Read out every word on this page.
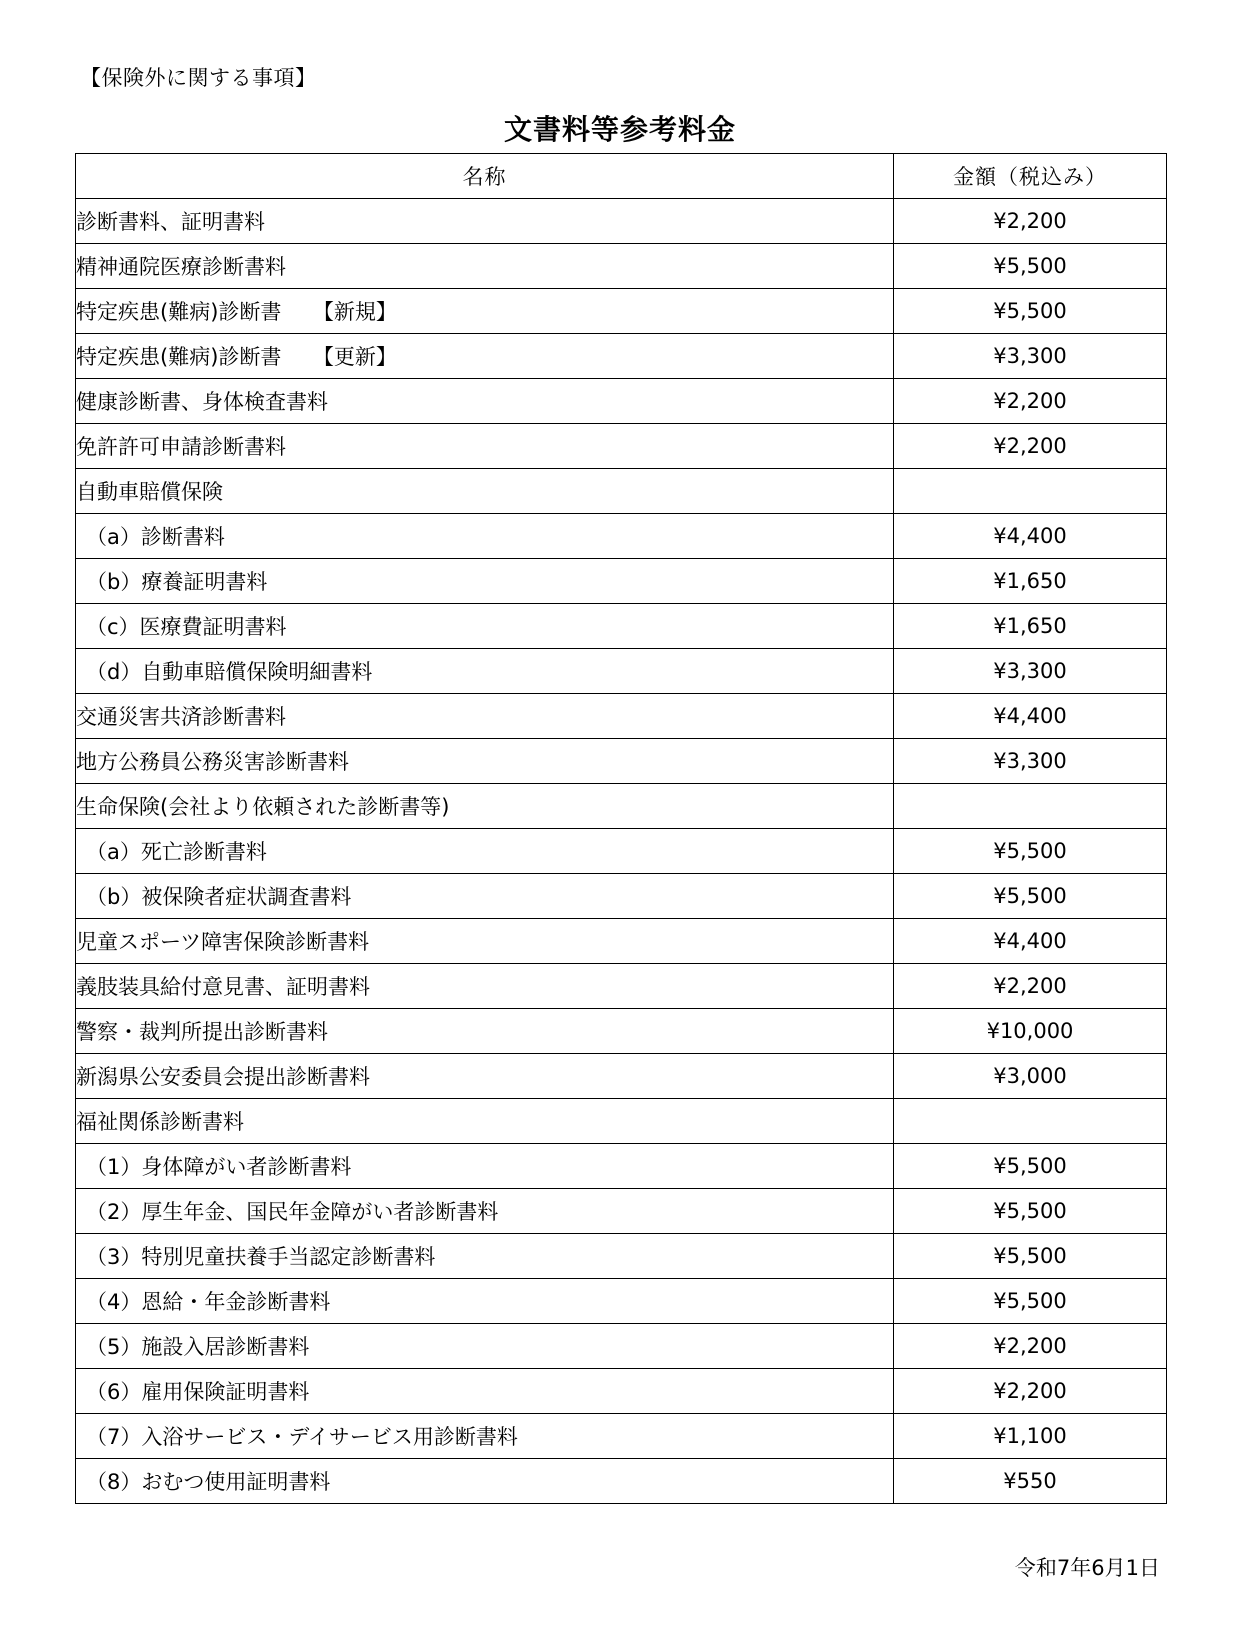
【保険外に関する事項】
文書料等参考料金
名称	金額（税込み）
診断書料、証明書料	¥2,200
精神通院医療診断書料	¥5,500
特定疾患(難病)診断書　　【新規】	¥5,500
特定疾患(難病)診断書　　【更新】	¥3,300
健康診断書、身体検査書料	¥2,200
免許許可申請診断書料	¥2,200
自動車賠償保険	
（a）診断書料	¥4,400
（b）療養証明書料	¥1,650
（c）医療費証明書料	¥1,650
（d）自動車賠償保険明細書料	¥3,300
交通災害共済診断書料	¥4,400
地方公務員公務災害診断書料	¥3,300
生命保険(会社より依頼された診断書等)	
（a）死亡診断書料	¥5,500
（b）被保険者症状調査書料	¥5,500
児童スポーツ障害保険診断書料	¥4,400
義肢装具給付意見書、証明書料	¥2,200
警察・裁判所提出診断書料	¥10,000
新潟県公安委員会提出診断書料	¥3,000
福祉関係診断書料	
（1）身体障がい者診断書料	¥5,500
（2）厚生年金、国民年金障がい者診断書料	¥5,500
（3）特別児童扶養手当認定診断書料	¥5,500
（4）恩給・年金診断書料	¥5,500
（5）施設入居診断書料	¥2,200
（6）雇用保険証明書料	¥2,200
（7）入浴サービス・デイサービス用診断書料	¥1,100
（8）おむつ使用証明書料	¥550
令和7年6月1日
